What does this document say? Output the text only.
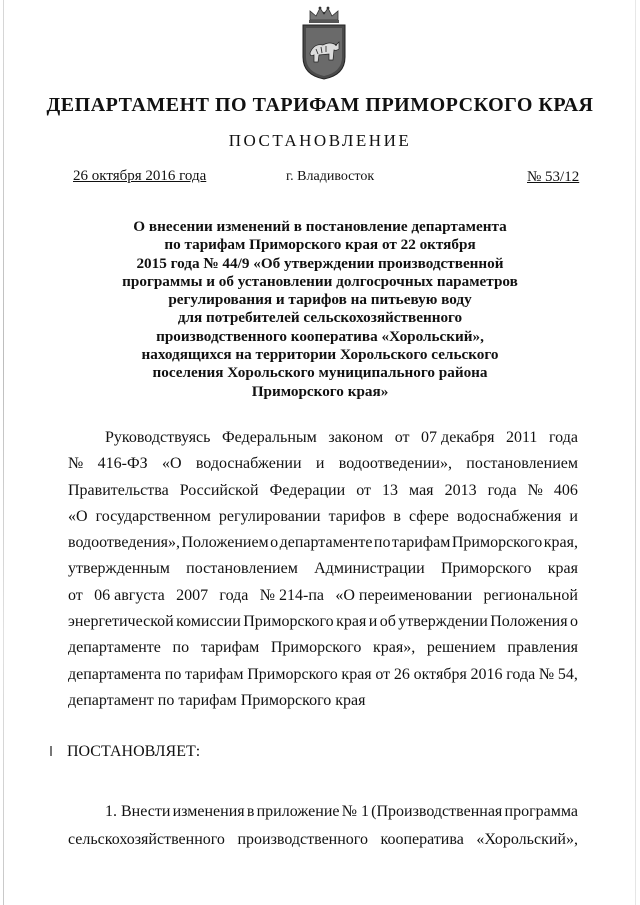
ДЕПАРТАМЕНТ ПО ТАРИФАМ ПРИМОРСКОГО КРАЯ
ПОСТАНОВЛЕНИЕ
26 октября 2016 года	г. Владивосток	№ 53/12
О внесении изменений в постановление департамента
по тарифам Приморского края от 22 октября
2015 года № 44/9 «Об утверждении производственной
программы и об установлении долгосрочных параметров
регулирования и тарифов на питьевую воду
для потребителей сельскохозяйственного
производственного кооператива «Хорольский»,
находящихся на территории Хорольского сельского
поселения Хорольского муниципального района
Приморского края»
Руководствуясь Федеральным законом от 07 декабря 2011 года
№ 416-ФЗ «О водоснабжении и водоотведении», постановлением
Правительства Российской Федерации от 13 мая 2013 года № 406
«О государственном регулировании тарифов в сфере водоснабжения и
водоотведения», Положением о департаменте по тарифам Приморского края,
утвержденным постановлением Администрации Приморского края
от 06 августа 2007 года № 214-па «О переименовании региональной
энергетической комиссии Приморского края и об утверждении Положения о
департаменте по тарифам Приморского края», решением правления
департамента по тарифам Приморского края от 26 октября 2016 года № 54,
департамент по тарифам Приморского края
ПОСТАНОВЛЯЕТ:
1. Внести изменения в приложение № 1 (Производственная программа
сельскохозяйственного производственного кооператива «Хорольский»,
